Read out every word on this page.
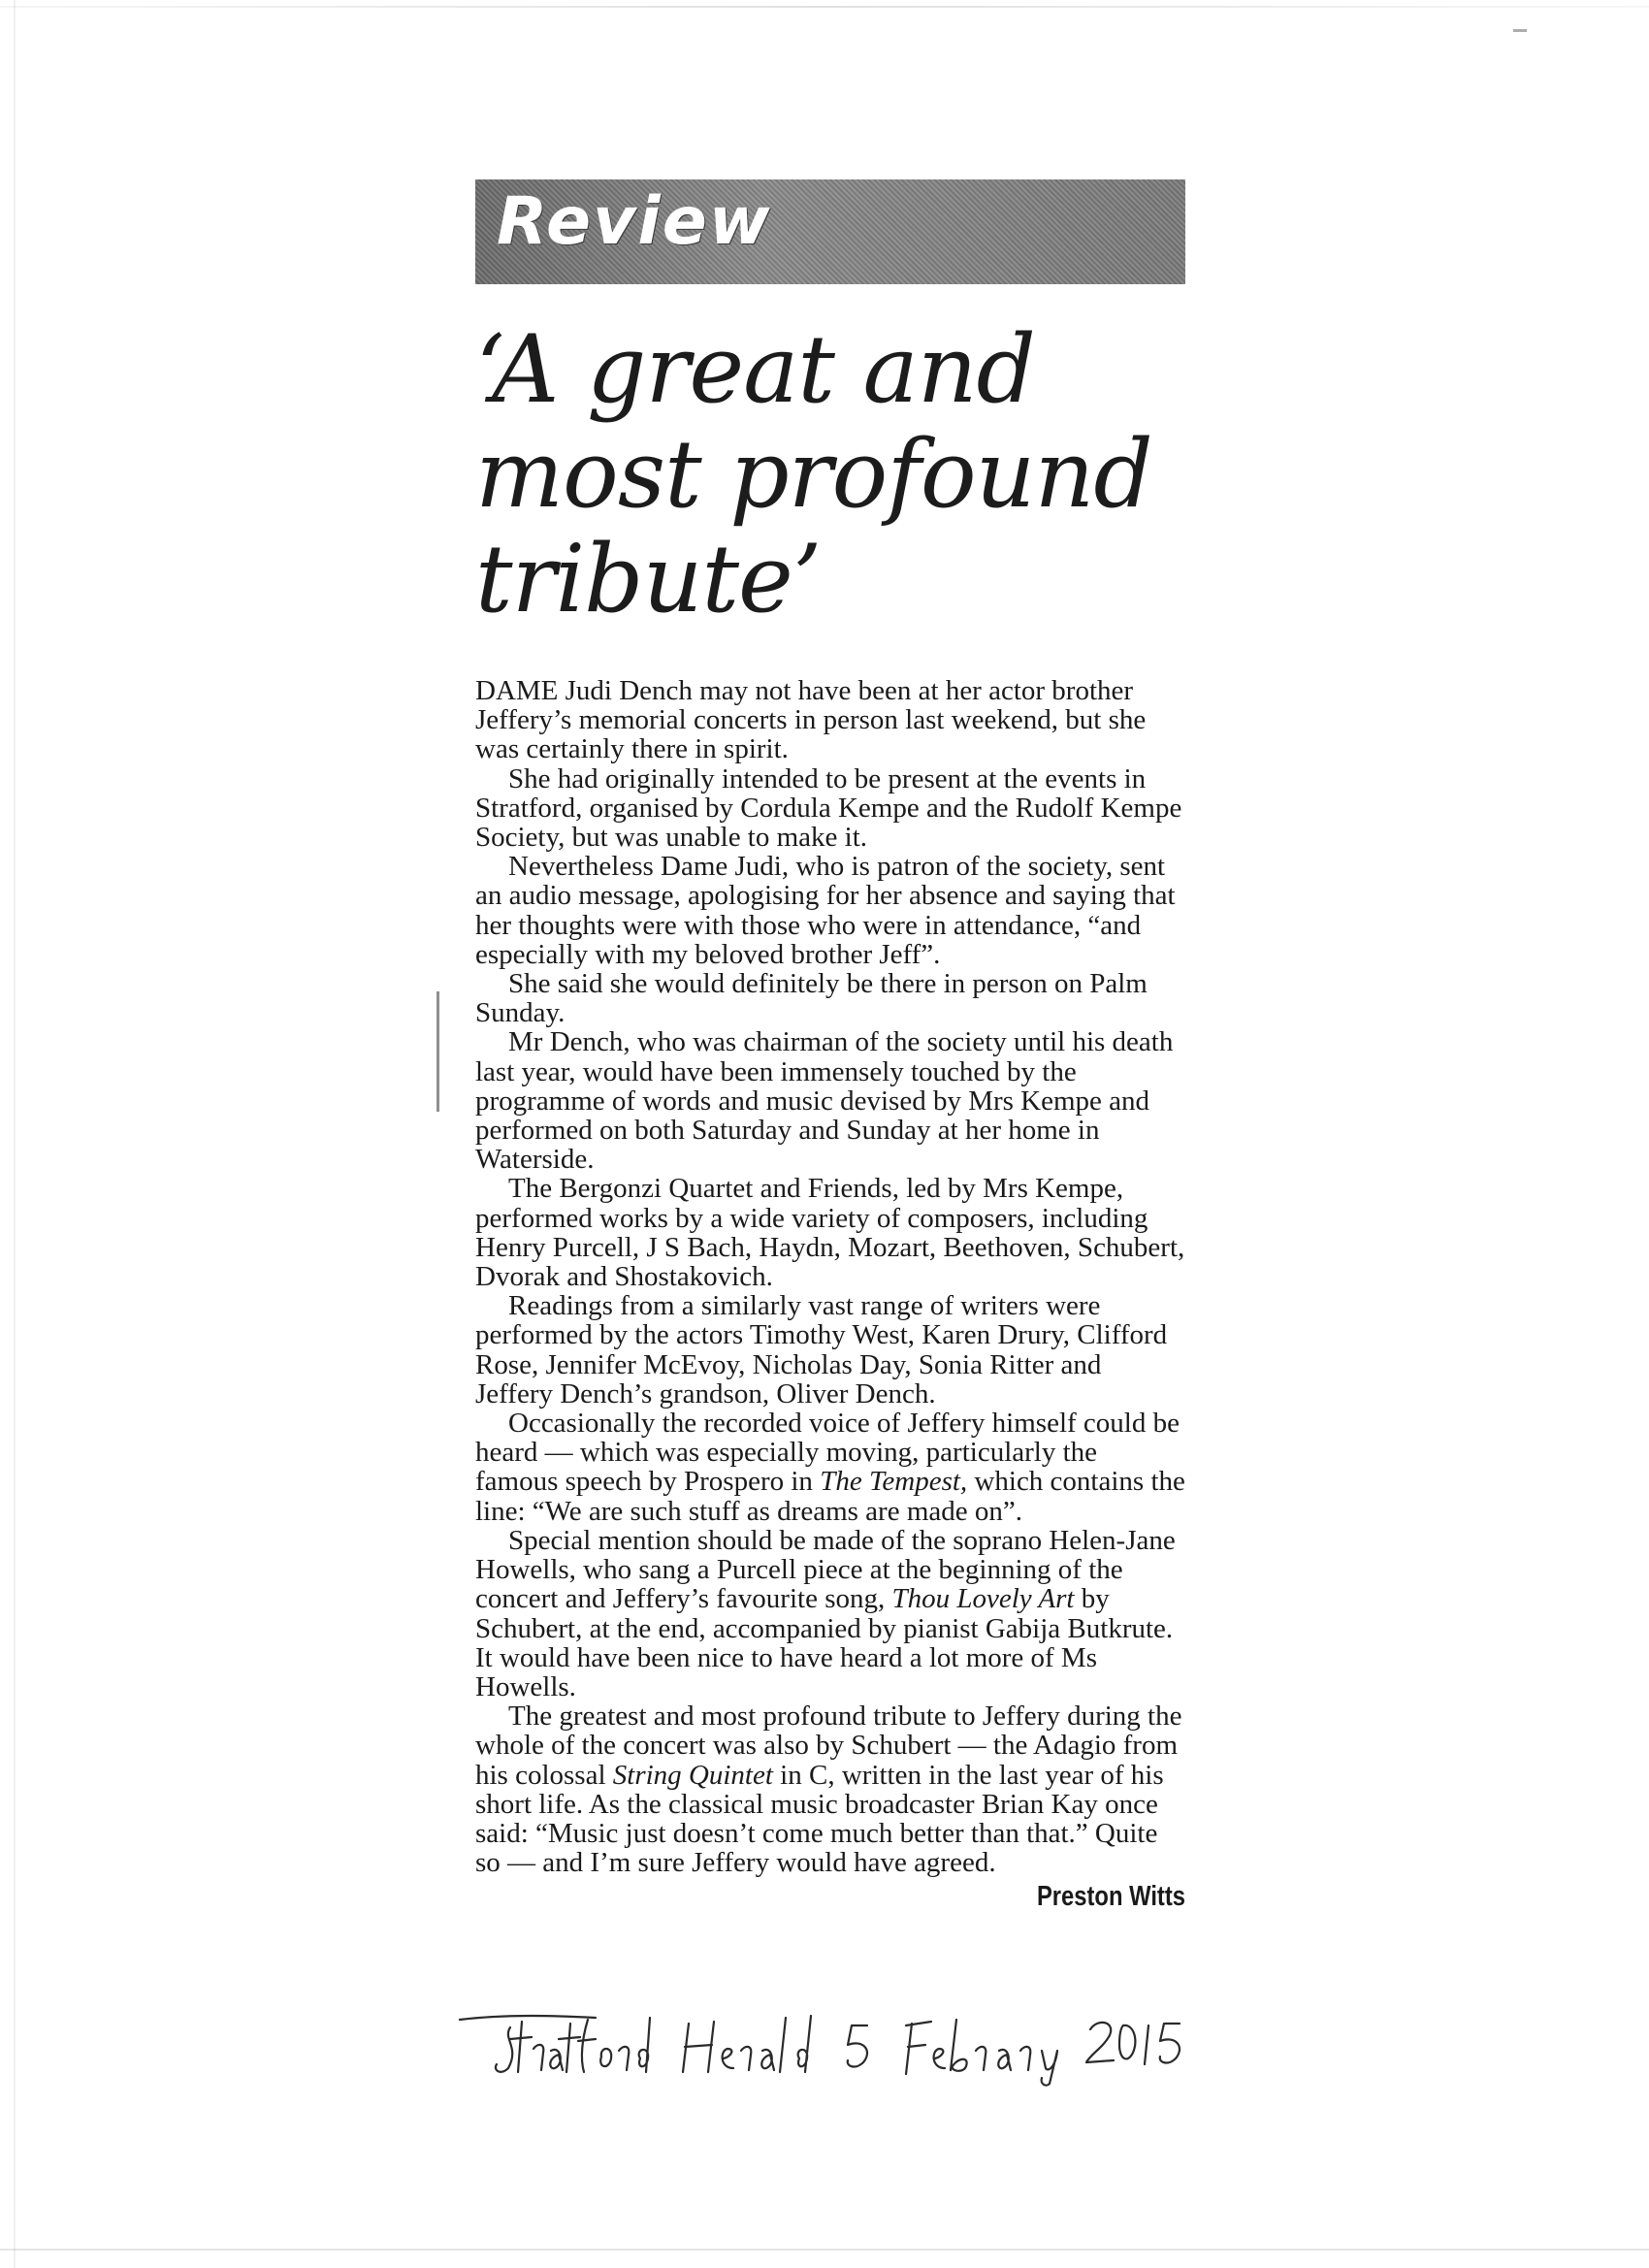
Review
‘A great and most profound tribute’

DAME Judi Dench may not have been at her actor brother Jeffery’s memorial concerts in person last weekend, but she was certainly there in spirit.

She had originally intended to be present at the events in Stratford, organised by Cordula Kempe and the Rudolf Kempe Society, but was unable to make it.

Nevertheless Dame Judi, who is patron of the society, sent an audio message, apologising for her absence and saying that her thoughts were with those who were in attendance, “and especially with my beloved brother Jeff”.

She said she would definitely be there in person on Palm Sunday.

Mr Dench, who was chairman of the society until his death last year, would have been immensely touched by the programme of words and music devised by Mrs Kempe and performed on both Saturday and Sunday at her home in Waterside.

The Bergonzi Quartet and Friends, led by Mrs Kempe, performed works by a wide variety of composers, including Henry Purcell, J S Bach, Haydn, Mozart, Beethoven, Schubert, Dvorak and Shostakovich.

Readings from a similarly vast range of writers were performed by the actors Timothy West, Karen Drury, Clifford Rose, Jennifer McEvoy, Nicholas Day, Sonia Ritter and Jeffery Dench’s grandson, Oliver Dench.

Occasionally the recorded voice of Jeffery himself could be heard — which was especially moving, particularly the famous speech by Prospero in The Tempest, which contains the line: “We are such stuff as dreams are made on”.

Special mention should be made of the soprano Helen-Jane Howells, who sang a Purcell piece at the beginning of the concert and Jeffery’s favourite song, Thou Lovely Art by Schubert, at the end, accompanied by pianist Gabija Butkrute. It would have been nice to have heard a lot more of Ms Howells.

The greatest and most profound tribute to Jeffery during the whole of the concert was also by Schubert — the Adagio from his colossal String Quintet in C, written in the last year of his short life. As the classical music broadcaster Brian Kay once said: “Music just doesn’t come much better than that.” Quite so — and I’m sure Jeffery would have agreed.

Preston Witts
